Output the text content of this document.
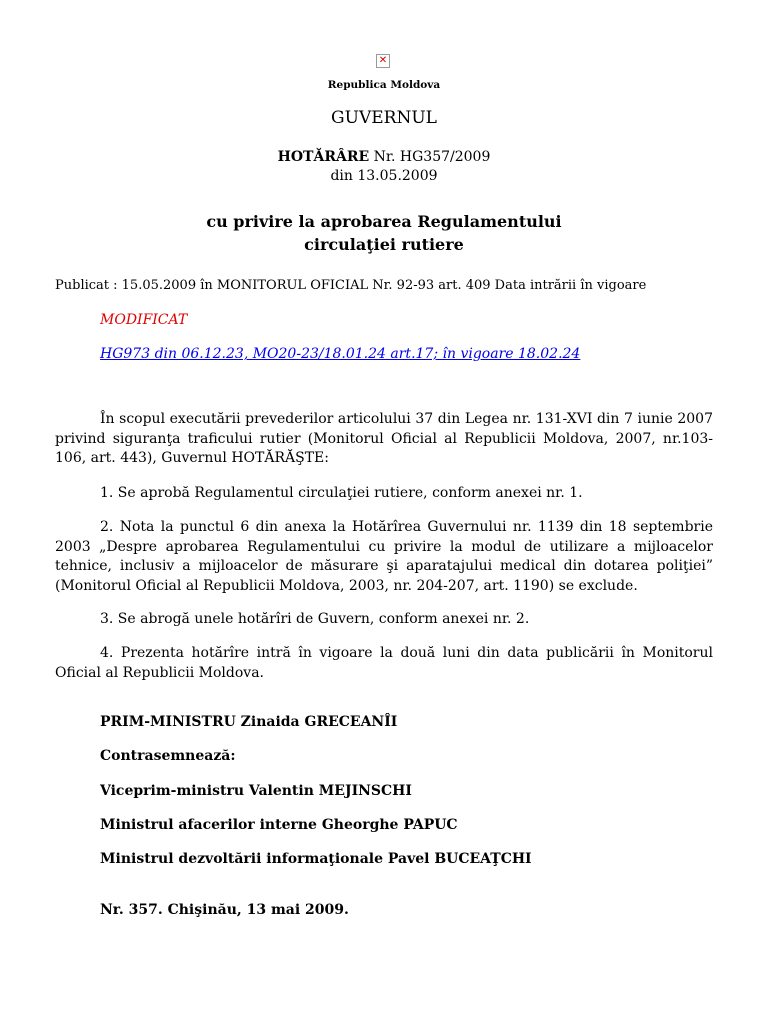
✕
Republica Moldova
GUVERNUL
HOTĂRÂRE Nr. HG357/2009
din 13.05.2009
cu privire la aprobarea Regulamentului
circulaţiei rutiere
Publicat : 15.05.2009 în MONITORUL OFICIAL Nr. 92-93 art. 409 Data intrării în vigoare
MODIFICAT
HG973 din 06.12.23, MO20-23/18.01.24 art.17; în vigoare 18.02.24
În scopul executării prevederilor articolului 37 din Legea nr. 131-XVI din 7 iunie 2007 privind siguranţa traficului rutier (Monitorul Oficial al Republicii Moldova, 2007, nr.103-106, art. 443), Guvernul HOTĂRĂŞTE:
1. Se aprobă Regulamentul circulaţiei rutiere, conform anexei nr. 1.
2. Nota la punctul 6 din anexa la Hotărîrea Guvernului nr. 1139 din 18 septembrie 2003 „Despre aprobarea Regulamentului cu privire la modul de utilizare a mijloacelor tehnice, inclusiv a mijloacelor de măsurare şi aparatajului medical din dotarea poliţiei” (Monitorul Oficial al Republicii Moldova, 2003, nr. 204-207, art. 1190) se exclude.
3. Se abrogă unele hotărîri de Guvern, conform anexei nr. 2.
4. Prezenta hotărîre intră în vigoare la două luni din data publicării în Monitorul Oficial al Republicii Moldova.
PRIM-MINISTRU Zinaida GRECEANÎI
Contrasemnează:
Viceprim-ministru Valentin MEJINSCHI
Ministrul afacerilor interne Gheorghe PAPUC
Ministrul dezvoltării informaţionale Pavel BUCEAŢCHI
Nr. 357. Chişinău, 13 mai 2009.
